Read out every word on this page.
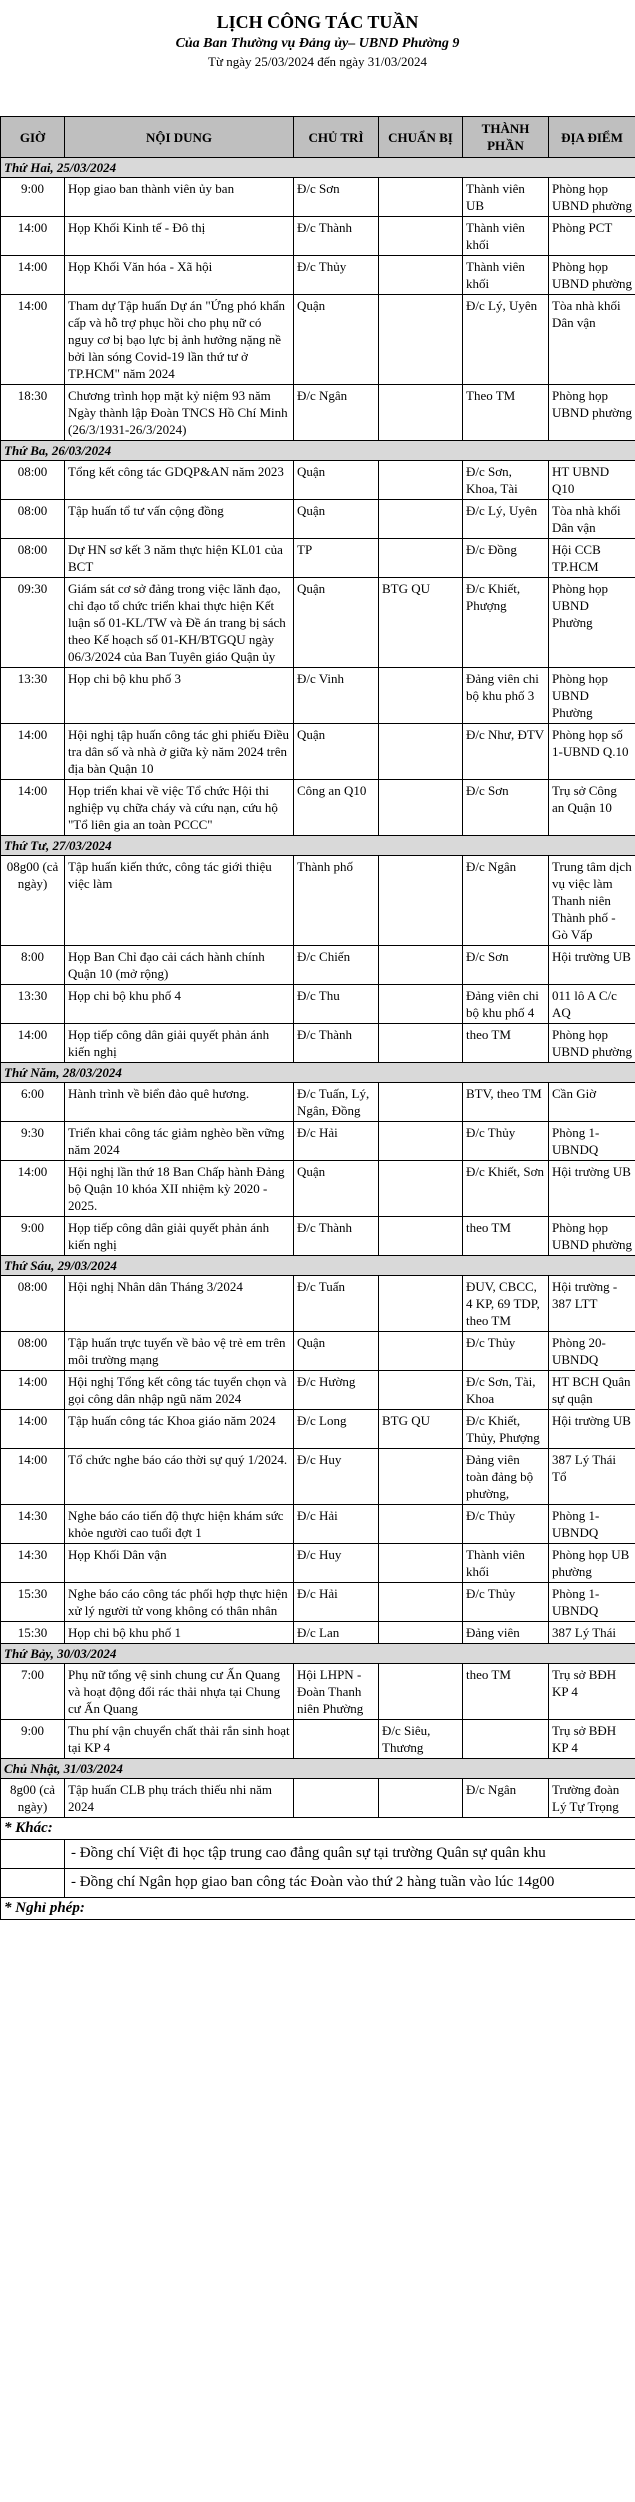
LỊCH CÔNG TÁC TUẦN
Của Ban Thường vụ Đảng ủy– UBND Phường 9
Từ ngày 25/03/2024 đến ngày 31/03/2024
GIỜ	NỘI DUNG	CHỦ TRÌ	CHUẨN BỊ	THÀNH PHẦN	ĐỊA ĐIỂM
Thứ Hai, 25/03/2024					
9:00	Họp giao ban thành viên ủy ban	Đ/c Sơn		Thành viên UB	Phòng họp UBND phường
14:00	Họp Khối Kinh tế - Đô thị	Đ/c Thành		Thành viên khối	Phòng PCT
14:00	Họp Khối Văn hóa - Xã hội	Đ/c Thủy		Thành viên khối	Phòng họp UBND phường
14:00	Tham dự Tập huấn Dự án "Ứng phó khẩn cấp và hỗ trợ phục hồi cho phụ nữ có nguy cơ bị bạo lực bị ảnh hưởng nặng nề bởi làn sóng Covid-19 lần thứ tư ở TP.HCM" năm 2024	Quận		Đ/c Lý, Uyên	Tòa nhà khối Dân vận
18:30	Chương trình họp mặt kỷ niệm 93 năm Ngày thành lập Đoàn TNCS Hồ Chí Minh (26/3/1931-26/3/2024)	Đ/c Ngân		Theo TM	Phòng họp UBND phường
Thứ Ba, 26/03/2024					
08:00	Tổng kết công tác GDQP&AN năm 2023	Quận		Đ/c Sơn, Khoa, Tài	HT UBND Q10
08:00	Tập huấn tổ tư vấn cộng đồng	Quận		Đ/c Lý, Uyên	Tòa nhà khối Dân vận
08:00	Dự HN sơ kết 3 năm thực hiện KL01 của BCT	TP		Đ/c Đồng	Hội CCB TP.HCM
09:30	Giám sát cơ sở đảng trong việc lãnh đạo, chỉ đạo tổ chức triển khai thực hiện Kết luận số 01-KL/TW và Đề án trang bị sách theo Kế hoạch số 01-KH/BTGQU ngày 06/3/2024 của Ban Tuyên giáo Quận ủy	Quận	BTG QU	Đ/c Khiết, Phượng	Phòng họp UBND Phường
13:30	Họp chi bộ khu phố 3	Đ/c Vinh		Đảng viên chi bộ khu phố 3	Phòng họp UBND Phường
14:00	Hội nghị tập huấn công tác ghi phiếu Điều tra dân số và nhà ở giữa kỳ năm 2024 trên địa bàn Quận 10	Quận		Đ/c Như, ĐTV	Phòng họp số 1-UBND Q.10
14:00	Họp triển khai về việc Tổ chức Hội thi nghiệp vụ chữa cháy và cứu nạn, cứu hộ "Tổ liên gia an toàn PCCC"	Công an Q10		Đ/c Sơn	Trụ sở Công an Quận 10
Thứ Tư, 27/03/2024					
08g00 (cả ngày)	Tập huấn kiến thức, công tác giới thiệu việc làm	Thành phố		Đ/c Ngân	Trung tâm dịch vụ việc làm Thanh niên Thành phố - Gò Vấp
8:00	Họp Ban Chỉ đạo cải cách hành chính Quận 10 (mở rộng)	Đ/c Chiến		Đ/c Sơn	Hội trường UB
13:30	Họp chi bộ khu phố 4	Đ/c Thu		Đảng viên chi bộ khu phố 4	011 lô A C/c AQ
14:00	Họp tiếp công dân giải quyết phản ánh kiến nghị	Đ/c Thành		theo TM	Phòng họp UBND phường
Thứ Năm, 28/03/2024					
6:00	Hành trình về biển đảo quê hương.	Đ/c Tuấn, Lý, Ngân, Đồng		BTV, theo TM	Cần Giờ
9:30	Triển khai công tác giảm nghèo bền vững năm 2024	Đ/c Hải		Đ/c Thủy	Phòng 1-UBNDQ
14:00	Hội nghị lần thứ 18 Ban Chấp hành Đảng bộ Quận 10 khóa XII nhiệm kỳ 2020 - 2025.	Quận		Đ/c Khiết, Sơn	Hội trường UB
9:00	Họp tiếp công dân giải quyết phản ánh kiến nghị	Đ/c Thành		theo TM	Phòng họp UBND phường
Thứ Sáu, 29/03/2024					
08:00	Hội nghị Nhân dân Tháng 3/2024	Đ/c Tuấn		ĐUV, CBCC, 4 KP, 69 TDP, theo TM	Hội trường - 387 LTT
08:00	Tập huấn trực tuyến về bảo vệ trẻ em trên môi trường mạng	Quận		Đ/c Thủy	Phòng 20-UBNDQ
14:00	Hội nghị Tổng kết công tác tuyển chọn và gọi công dân nhập ngũ năm 2024	Đ/c Hường		Đ/c Sơn, Tài, Khoa	HT BCH Quân sự quận
14:00	Tập huấn công tác Khoa giáo năm 2024	Đ/c Long	BTG QU	Đ/c Khiết, Thủy, Phượng	Hội trường UB
14:00	Tổ chức nghe báo cáo thời sự quý 1/2024.	Đ/c Huy		Đảng viên toàn đảng bộ phường,	387 Lý Thái Tổ
14:30	Nghe báo cáo tiến độ thực hiện khám sức khỏe người cao tuổi đợt 1	Đ/c Hải		Đ/c Thủy	Phòng 1-UBNDQ
14:30	Họp Khối Dân vận	Đ/c Huy		Thành viên khối	Phòng họp UB phường
15:30	Nghe báo cáo công tác phối hợp thực hiện xử lý người tử vong không có thân nhân	Đ/c Hải		Đ/c Thủy	Phòng 1-UBNDQ
15:30	Họp chi bộ khu phố 1	Đ/c Lan		Đảng viên	387 Lý Thái
Thứ Bảy, 30/03/2024					
7:00	Phụ nữ tổng vệ sinh chung cư Ấn Quang và hoạt động đổi rác thải nhựa tại Chung cư Ấn Quang	Hội LHPN - Đoàn Thanh niên Phường		theo TM	Trụ sở BĐH KP 4
9:00	Thu phí vận chuyển chất thải rắn sinh hoạt tại KP 4		Đ/c Siêu, Thương		Trụ sở BĐH KP 4
Chủ Nhật, 31/03/2024					
8g00 (cả ngày)	Tập huấn CLB phụ trách thiếu nhi năm 2024			Đ/c Ngân	Trường đoàn Lý Tự Trọng
* Khác:					
	- Đồng chí Việt đi học tập trung cao đẳng quân sự tại trường Quân sự quân khu				
	- Đồng chí Ngân họp giao ban công tác Đoàn vào thứ 2 hàng tuần vào lúc 14g00				
* Nghỉ phép:					
